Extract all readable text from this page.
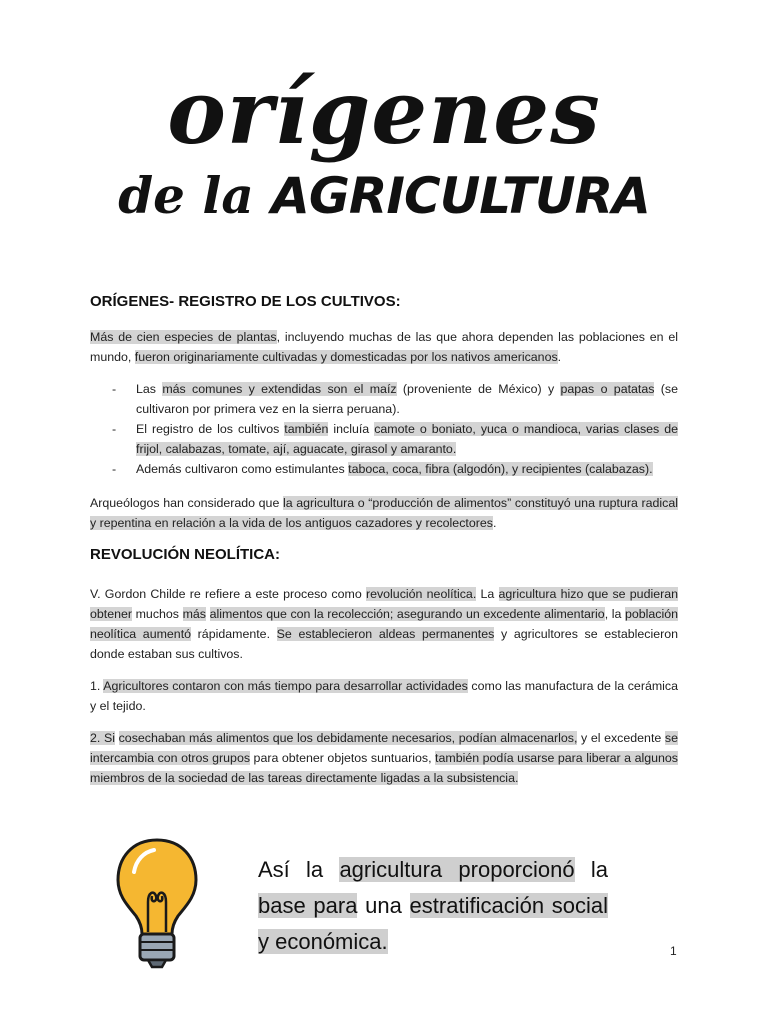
orígenes
de la AGRICULTURA
ORÍGENES- REGISTRO DE LOS CULTIVOS:
Más de cien especies de plantas, incluyendo muchas de las que ahora dependen las poblaciones en el mundo, fueron originariamente cultivadas y domesticadas por los nativos americanos.
- Las más comunes y extendidas son el maíz (proveniente de México) y papas o patatas (se cultivaron por primera vez en la sierra peruana).
- El registro de los cultivos también incluía camote o boniato, yuca o mandioca, varias clases de frijol, calabazas, tomate, ají, aguacate, girasol y amaranto.
- Además cultivaron como estimulantes taboca, coca, fibra (algodón), y recipientes (calabazas).
Arqueólogos han considerado que la agricultura o “producción de alimentos” constituyó una ruptura radical y repentina en relación a la vida de los antiguos cazadores y recolectores.
REVOLUCIÓN NEOLÍTICA:
V. Gordon Childe re refiere a este proceso como revolución neolítica. La agricultura hizo que se pudieran obtener muchos más alimentos que con la recolección; asegurando un excedente alimentario, la población neolítica aumentó rápidamente. Se establecieron aldeas permanentes y agricultores se establecieron donde estaban sus cultivos.
1. Agricultores contaron con más tiempo para desarrollar actividades como las manufactura de la cerámica y el tejido.
2. Si cosechaban más alimentos que los debidamente necesarios, podían almacenarlos, y el excedente se intercambia con otros grupos para obtener objetos suntuarios, también podía usarse para liberar a algunos miembros de la sociedad de las tareas directamente ligadas a la subsistencia.
Así la agricultura proporcionó la base para una estratificación social y económica.	1
